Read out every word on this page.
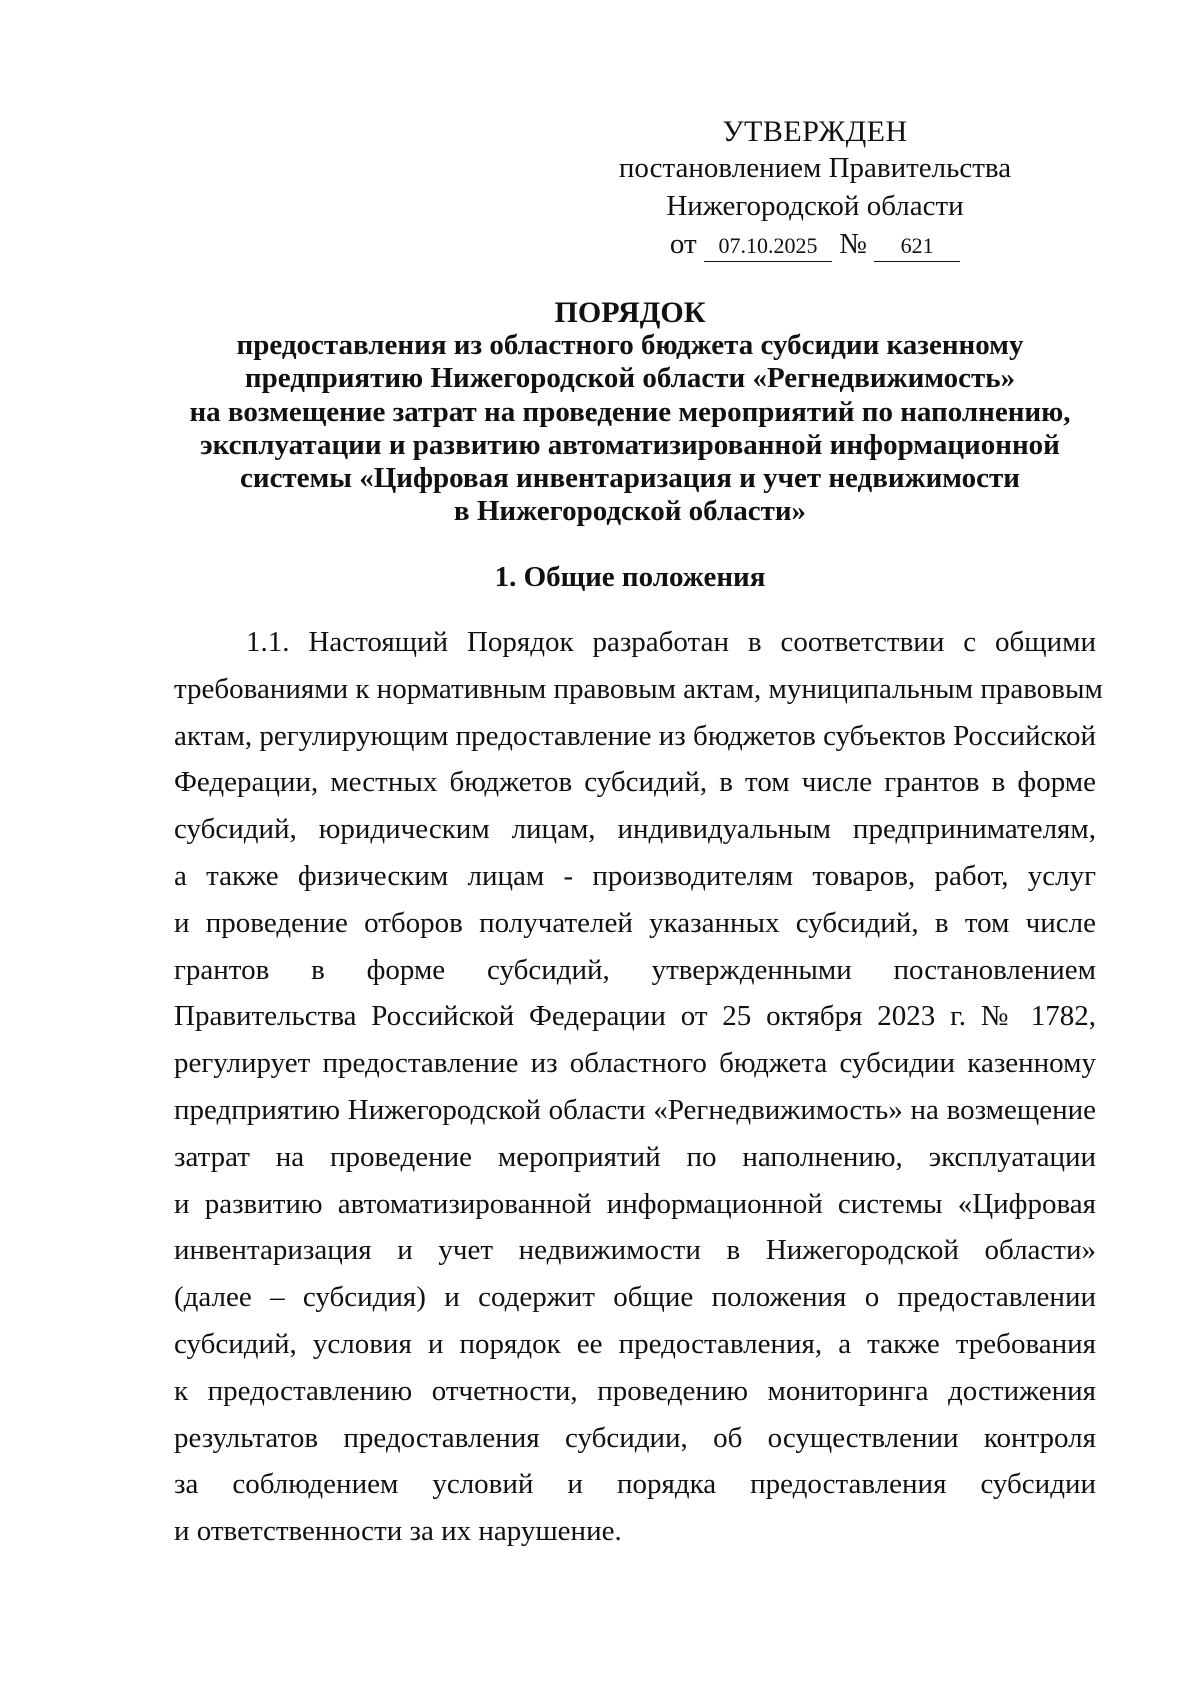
УТВЕРЖДЕН
постановлением Правительства
Нижегородской области
от 07.10.2025 № 621
ПОРЯДОК
предоставления из областного бюджета субсидии казенному
предприятию Нижегородской области «Регнедвижимость»
на возмещение затрат на проведение мероприятий по наполнению,
эксплуатации и развитию автоматизированной информационной
системы «Цифровая инвентаризация и учет недвижимости
в Нижегородской области»
1. Общие положения
1.1. Настоящий Порядок разработан в соответствии с общими
требованиями к нормативным правовым актам, муниципальным правовым
актам, регулирующим предоставление из бюджетов субъектов Российской
Федерации, местных бюджетов субсидий, в том числе грантов в форме
субсидий, юридическим лицам, индивидуальным предпринимателям,
а также физическим лицам - производителям товаров, работ, услуг
и проведение отборов получателей указанных субсидий, в том числе
грантов в форме субсидий, утвержденными постановлением
Правительства Российской Федерации от 25 октября 2023 г. № 1782,
регулирует предоставление из областного бюджета субсидии казенному
предприятию Нижегородской области «Регнедвижимость» на возмещение
затрат на проведение мероприятий по наполнению, эксплуатации
и развитию автоматизированной информационной системы «Цифровая
инвентаризация и учет недвижимости в Нижегородской области»
(далее – субсидия) и содержит общие положения о предоставлении
субсидий, условия и порядок ее предоставления, а также требования
к предоставлению отчетности, проведению мониторинга достижения
результатов предоставления субсидии, об осуществлении контроля
за соблюдением условий и порядка предоставления субсидии
и ответственности за их нарушение.
